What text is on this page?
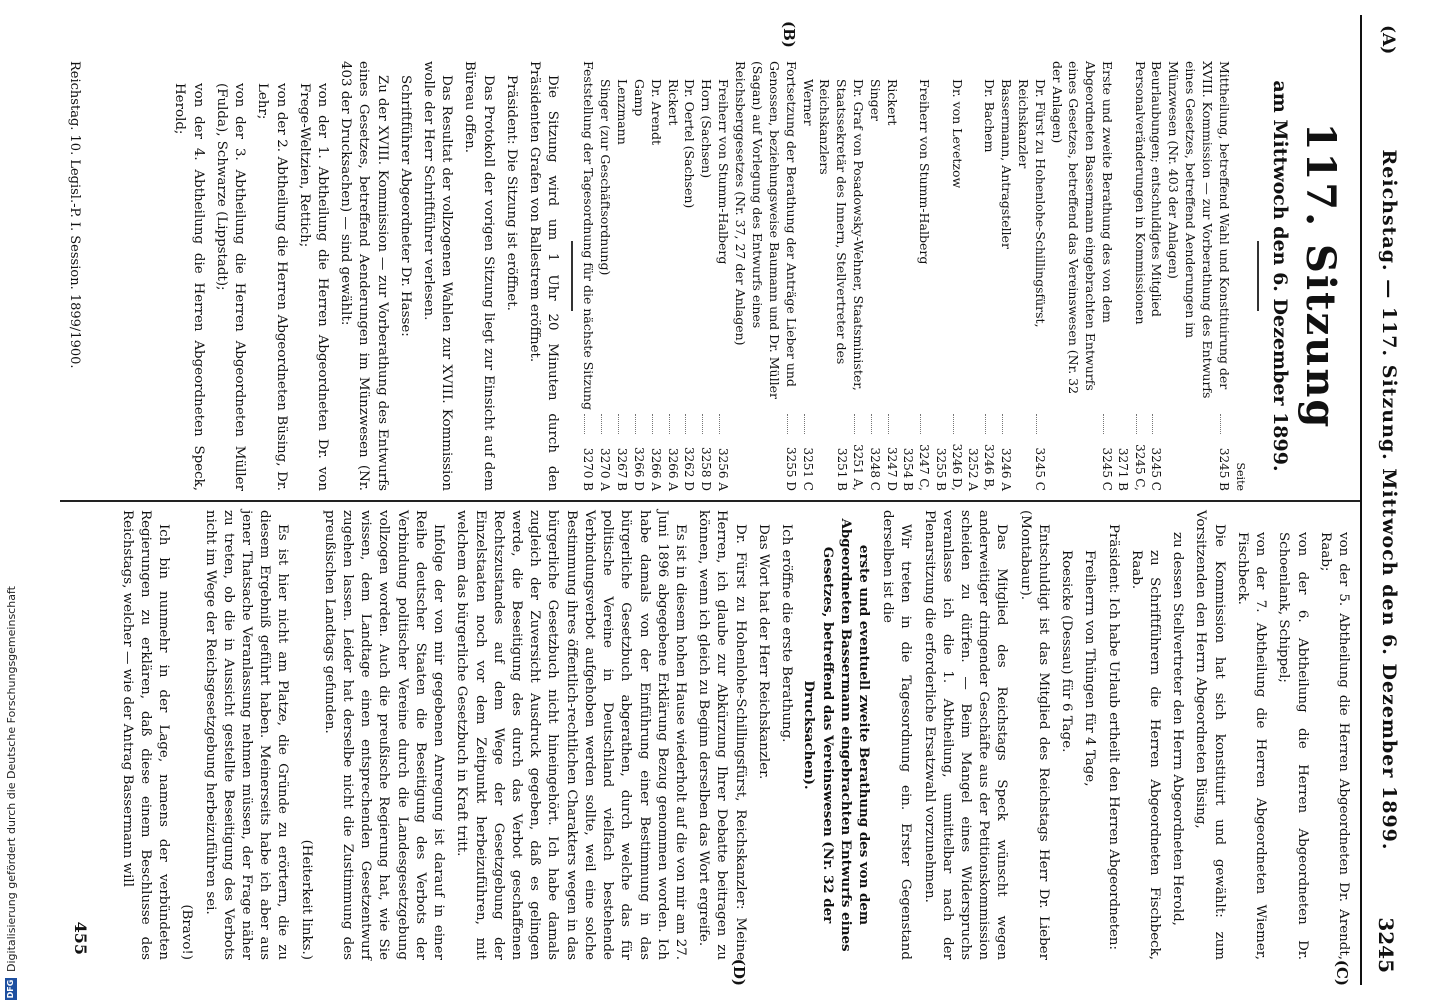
(A)
Reichstag. — 117. Sitzung. Mittwoch den 6. Dezember 1899.
3245
117. Sitzung
am Mittwoch den 6. Dezember 1899.
Seite
Mittheilung, betreffend Wahl und Konstituirung der XVIII. Kommission — zur Vorberathung des Entwurfs eines Gesetzes, betreffend Aenderungen im Münzwesen (Nr. 403 der Anlagen)
3245 B
Beurlaubungen; entschuldigtes Mitglied
3245 C
Personalveränderungen in Kommissionen
3245 C, 3271 B
Erste und zweite Berathung des von dem Abgeordneten Bassermann eingebrachten Entwurfs eines Gesetzes, betreffend das Vereinswesen (Nr. 32 der Anlagen)
3245 C
Dr. Fürst zu Hohenlohe-Schillingsfürst, Reichskanzler
3245 C
Bassermann, Antragsteller
3246 A
Dr. Bachem
3246 B, 3252 A
Dr. von Levetzow
3246 D, 3255 B
Freiherr von Stumm-Halberg
3247 C, 3254 B
Rickert
3247 D
Singer
3248 C
Dr. Graf von Posadowsky-Wehner, Staatsminister, Staatssekretär des Innern, Stellvertreter des Reichskanzlers
3251 A, 3251 B
Werner
3251 C
(B)
Fortsetzung der Berathung der Anträge Lieber und Genossen, beziehungsweise Baumann und Dr. Müller (Sagan) auf Vorlegung des Entwurfs eines Reichsberggesetzes (Nr. 37, 27 der Anlagen)
3255 D
Freiherr von Stumm-Halberg
3256 A
Horn (Sachsen)
3258 D
Dr. Oertel (Sachsen)
3262 D
Rickert
3266 A
Dr. Arendt
3266 A
Gamp
3266 D
Lenzmann
3267 B
Singer (zur Geschäftsordnung)
3270 A
Feststellung der Tagesordnung für die nächste Sitzung
3270 B

Die Sitzung wird um 1 Uhr 20 Minuten durch den Präsidenten Grafen von Ballestrem eröffnet.

Präsident: Die Sitzung ist eröffnet.

Das Protokoll der vorigen Sitzung liegt zur Einsicht auf dem Büreau offen.

Das Resultat der vollzogenen Wahlen zur XVIII. Kommission wolle der Herr Schriftführer verlesen.

Schriftführer Abgeordneter Dr. Hasse:

Zu der XVIII. Kommission — zur Vorberathung des Entwurfs eines Gesetzes, betreffend Aenderungen im Münzwesen (Nr. 403 der Drucksachen) — sind gewählt:

von der 1. Abtheilung die Herren Abgeordneten Dr. von Frege-Weltzien, Rettich;

von der 2. Abtheilung die Herren Abgeordneten Büsing, Dr. Lehr;

von der 3. Abtheilung die Herren Abgeordneten Müller (Fulda), Schwarze (Lippstadt);

von der 4. Abtheilung die Herren Abgeordneten Speck, Herold;

(C)
von der 5. Abtheilung die Herren Abgeordneten Dr. Arendt, Raab;

von der 6. Abtheilung die Herren Abgeordneten Dr. Schoenlank, Schippel;

von der 7. Abtheilung die Herren Abgeordneten Wiemer, Fischbeck.

Die Kommission hat sich konstituirt und gewählt: zum Vorsitzenden den Herrn Abgeordneten Büsing,

zu dessen Stellvertreter den Herrn Abgeordneten Herold,

zu Schriftführern die Herren Abgeordneten Fischbeck, Raab.

Präsident: Ich habe Urlaub ertheilt den Herren Abgeordneten:

Freiherrn von Thüngen für 4 Tage,

Roesicke (Dessau) für 6 Tage.

Entschuldigt ist das Mitglied des Reichstags Herr Dr. Lieber (Montabaur).

Das Mitglied des Reichstags Speck wünscht wegen anderweitiger dringender Geschäfte aus der Petitionskommission scheiden zu dürfen. — Beim Mangel eines Widerspruchs veranlasse ich die 1. Abtheilung, unmittelbar nach der Plenarsitzung die erforderliche Ersatzwahl vorzunehmen.

Wir treten in die Tagesordnung ein. Erster Gegenstand derselben ist die

erste und eventuell zweite Berathung des von dem Abgeordneten Bassermann eingebrachten Entwurfs eines Gesetzes, betreffend das Vereinswesen (Nr. 32 der Drucksachen).

Ich eröffne die erste Berathung.

Das Wort hat der Herr Reichskanzler.

(D)
Dr. Fürst zu Hohenlohe-Schillingsfürst, Reichskanzler: Meine Herren, ich glaube zur Abkürzung Ihrer Debatte beitragen zu können, wenn ich gleich zu Beginn derselben das Wort ergreife.

Es ist in diesem hohen Hause wiederholt auf die von mir am 27. Juni 1896 abgegebene Erklärung Bezug genommen worden. Ich habe damals von der Einführung einer Bestimmung in das bürgerliche Gesetzbuch abgerathen, durch welche das für politische Vereine in Deutschland vielfach bestehende Verbindungsverbot aufgehoben werden sollte, weil eine solche Bestimmung ihres öffentlich-rechtlichen Charakters wegen in das bürgerliche Gesetzbuch nicht hineingehört. Ich habe damals zugleich der Zuversicht Ausdruck gegeben, daß es gelingen werde, die Beseitigung des durch das Verbot geschaffenen Rechtszustandes auf dem Wege der Gesetzgebung der Einzelstaaten noch vor dem Zeitpunkt herbeizuführen, mit welchem das bürgerliche Gesetzbuch in Kraft tritt.

Infolge der von mir gegebenen Anregung ist darauf in einer Reihe deutscher Staaten die Beseitigung des Verbots der Verbindung politischer Vereine durch die Landesgesetzgebung vollzogen worden. Auch die preußische Regierung hat, wie Sie wissen, dem Landtage einen entsprechenden Gesetzentwurf zugehen lassen. Leider hat derselbe nicht die Zustimmung des preußischen Landtags gefunden.

(Heiterkeit links.)

Es ist hier nicht am Platze, die Gründe zu erörtern, die zu diesem Ergebniß geführt haben. Meinerseits habe ich aber aus jener Thatsache Veranlassung nehmen müssen, der Frage näher zu treten, ob die in Aussicht gestellte Beseitigung des Verbots nicht im Wege der Reichsgesetzgebung herbeizuführen sei.

(Bravo!)

Ich bin nunmehr in der Lage, namens der verbündeten Regierungen zu erklären, daß diese einem Beschlusse des Reichstags, welcher — wie der Antrag Bassermann will

Reichstag. 10. Legisl.-P. I. Session. 1899/1900.
455
DFG
Digitalisierung gefördert durch die Deutsche Forschungsgemeinschaft
